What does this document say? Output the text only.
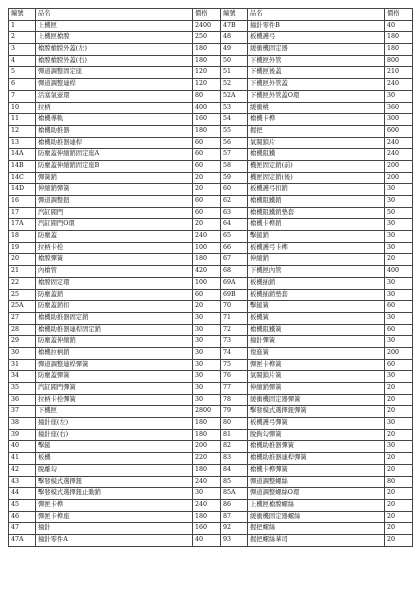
編號	品名	價格	編號	品名	價格
1	上機匣	2400	47B	撞針零件B	40
2	上機匣槍膛	250	48	板機護弓	180
3	槍膛槍膛外蓋(左)	180	49	緩衝機固定器	180
4	槍膛槍膛外蓋(右)	180	50	下機匣外管	800
5	彈道調整固定座	120	51	下機匣後蓋	210
6	彈道調整連桿	120	52	下機匣外管蓋	240
7	活塞氣壺環	80	52A	下機匣外管蓋O環	30
10	拉柄	400	53	緩衝桃	360
11	槍機導軌	160	54	槍機卡榫	300
12	槍機助推器	180	55	握把	600
13	槍機助推器連桿	60	56	氣閥鎖片	240
14A	防塵蓋伸縮銷固定座A	60	57	槍機阻鐵	240
14B	防塵蓋伸縮銷固定座B	60	58	機匣固定銷(前)	200
14C	彈簧銷	20	59	機匣固定銷(後)	200
14D	伸縮銷彈簧	20	60	板機護弓扣銷	30
16	彈道調整鈕	60	62	槍機阻鐵銷	30
17	汽缸閥門	60	63	槍機阻鐵銷墊套	50
17A	汽缸閥門O環	20	64	槍機卡榫銷	30
18	防塵蓋	240	65	擊鎚銷	30
19	拉柄卡栓	100	66	板機護弓卡榫	30
20	槍膛彈簧	180	67	伸縮銷	20
21	內槍管	420	68	下機匣內管	400
22	槍膛固定環	100	69A	板機插銷	30
25	防塵蓋銷	60	69B	板機插銷墊套	30
25A	防塵蓋銷扣	20	70	擊鎚簧	60
27	槍機助推器固定銷	30	71	板機簧	30
28	槍機助推器連桿固定銷	30	72	槍機阻鐵簧	60
29	防塵蓋伸縮銷	30	73	撞針彈簧	30
30	槍機拉柄銷	30	74	復進簧	200
31	彈道調整連桿彈簧	30	75	彈匣卡榫簧	60
34	防塵蓋彈簧	30	76	氣閥鎖片簧	30
35	汽缸閥門彈簧	30	77	伸縮銷彈簧	20
36	拉柄卡栓彈簧	30	78	緩衝機固定器彈簧	20
37	下機匣	2800	79	擊發模式選擇鈕彈簧	20
38	撞針座(左)	180	80	板機護弓彈簧	30
39	撞針座(右)	180	81	脫鉤勾彈簧	20
40	擊鎚	200	82	槍機助推器彈簧	30
41	板機	220	83	槍機助推器連桿彈簧	20
42	脫離勾	180	84	槍機卡榫彈簧	20
43	擊發模式選擇鈕	240	85	彈道調整螺絲	80
44	擊發模式選擇鈕止動銷	30	85A	彈道調整螺絲O環	20
45	彈匣卡榫	240	86	上機匣槍膛螺絲	20
46	彈匣卡榫座	180	87	緩衝機固定器螺絲	20
47	撞針	160	92	握把螺絲	20
47A	撞針零件A	40	93	握把螺絲華司	20
